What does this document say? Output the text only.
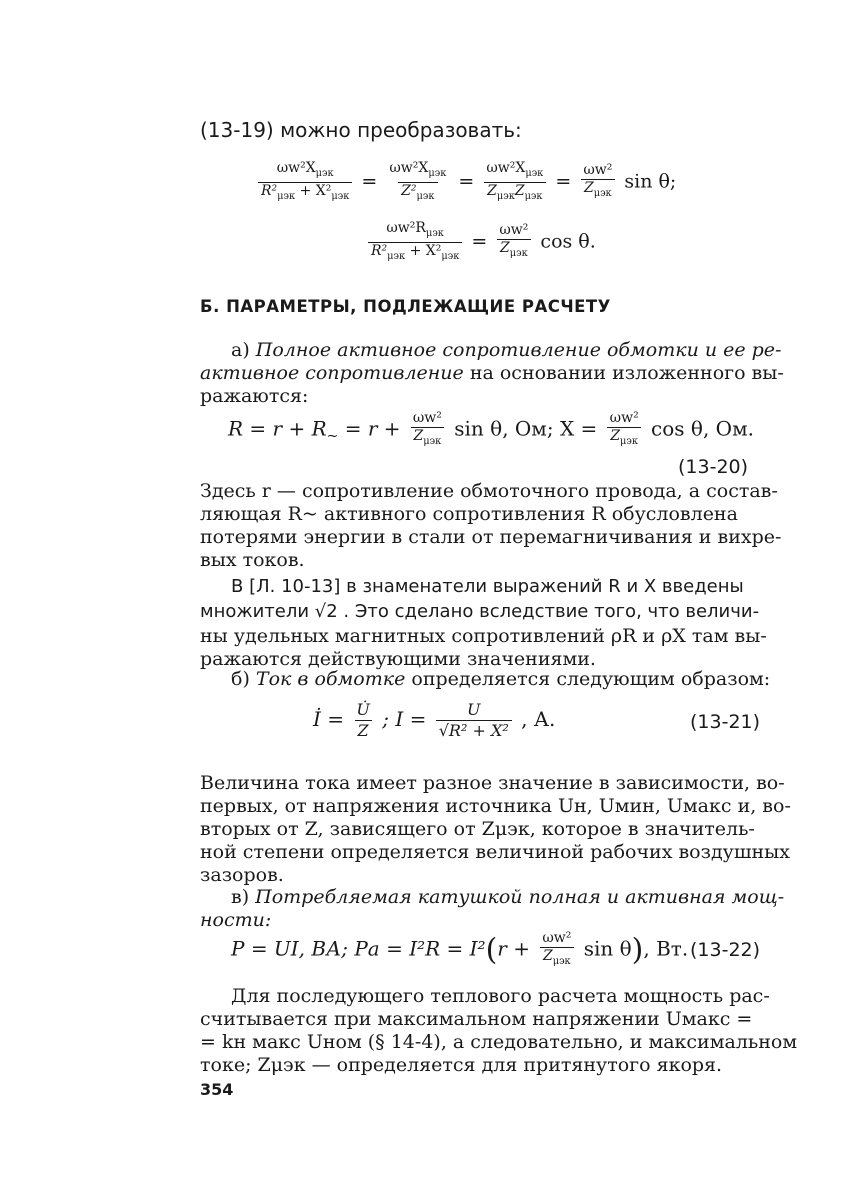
(13-19) можно преобразовать:
$\frac{\omega w^2X_{\mu эк}}{R^2_{\mu эк} + X^2_{\mu эк}} = \frac{\omega w^2X_{\mu эк}}{Z^2_{\mu эк}} = \frac{\omega w^2X_{\mu эк}}{Z_{\mu эк}Z_{\mu эк}} = \frac{\text{ωw²}}{Z_{\mu эк}}$ sin θ;
$\frac{\omega w^2R_{\mu эк}}{R^2_{\mu эк} + X^2_{\mu эк}} = \frac{\text{ωw²}}{Z_{\mu эк}}$ cos θ.
Б. ПАРАМЕТРЫ, ПОДЛЕЖАЩИЕ РАСЧЕТУ
а) Полное активное сопротивление обмотки и ее ре-
активное сопротивление на основании изложенного вы-
ражаются:
$R = r + R_\sim = r + \frac{\text{ωw²}}{Z_{\mu эк}}$ sin θ, Ом; $X = \frac{\text{ωw²}}{Z_{\mu эк}}$ cos θ, Ом.
(13-20)
Здесь r — сопротивление обмоточного провода, а состав-
ляющая R~ активного сопротивления R обусловлена
потерями энергии в стали от перемагничивания и вихре-
вых токов.
В [Л. 10-13] в знаменатели выражений R и X введены
множители √2 . Это сделано вследствие того, что величи-
ны удельных магнитных сопротивлений ρR и ρX там вы-
ражаются действующими значениями.
б) Ток в обмотке определяется следующим образом:
İ = $\frac{U̇}{Z}$ ; $I = \frac{U}{\text{√R² + X²}}$ , А.	(13-21)
Величина тока имеет разное значение в зависимости, во-
первых, от напряжения источника Uн, Uмин, Uмакс и, во-
вторых от Z, зависящего от Zμэк, которое в значитель-
ной степени определяется величиной рабочих воздушных
зазоров.
в) Потребляемая катушкой полная и активная мощ-
ности:
P = UI, ВА; Pа = $I^2R = I^2(r + \frac{\text{ωw²}}{Z_{\mu эк}}$ sin θ), Вт. (13-22)
Для последующего теплового расчета мощность рас-
считывается при максимальном напряжении Uмакс =
= kн макс Uном (§ 14-4), а следовательно, и максимальном
токе; Zμэк — определяется для притянутого якоря.
354
